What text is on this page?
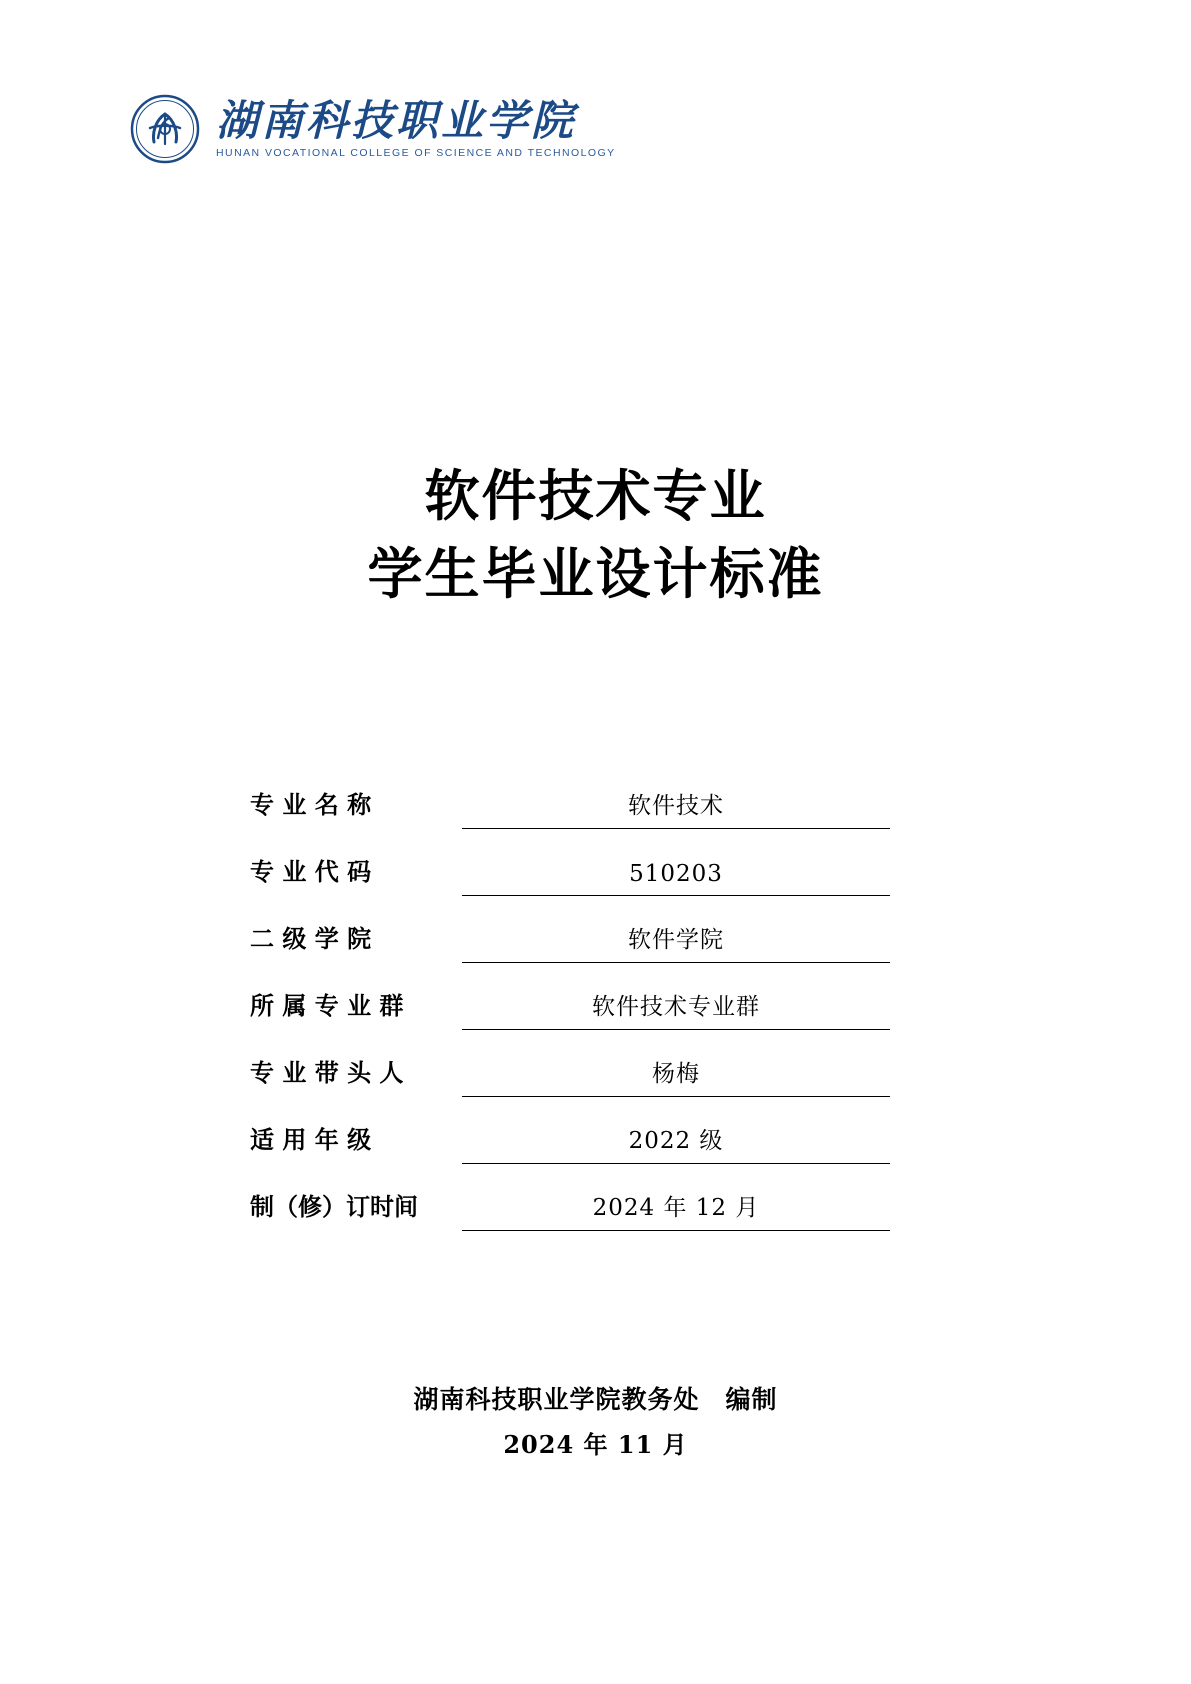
湖南科技职业学院
HUNAN VOCATIONAL COLLEGE OF SCIENCE AND TECHNOLOGY
软件技术专业
学生毕业设计标准
专 业 名 称	软件技术
专 业 代 码	510203
二 级 学 院	软件学院
所 属 专 业 群	软件技术专业群
专 业 带 头 人	杨梅
适 用 年 级	2022 级
制（修）订时间	2024 年 12 月
湖南科技职业学院教务处　编制
2024 年 11 月
